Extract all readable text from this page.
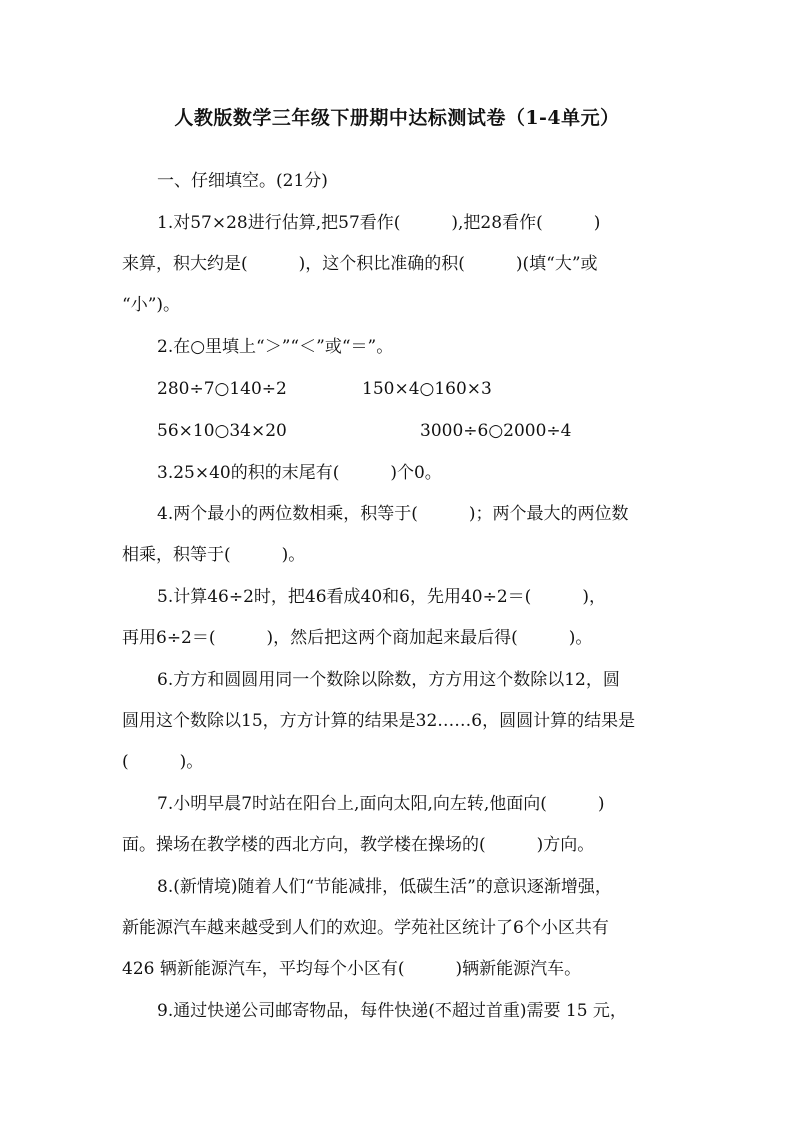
人教版数学三年级下册期中达标测试卷（1-4单元）
一、仔细填空。(21分)
1.对57×28进行估算,把57看作(　　　),把28看作(　　　)
来算，积大约是(　　　)，这个积比准确的积(　　　)(填“大”或
“小”)。
2.在○里填上“＞”“＜”或“＝”。
280÷7○140÷2	150×4○160×3
56×10○34×20	3000÷6○2000÷4
3.25×40的积的末尾有(　　　)个0。
4.两个最小的两位数相乘，积等于(　　　)；两个最大的两位数
相乘，积等于(　　　)。
5.计算46÷2时，把46看成40和6，先用40÷2＝(　　　)，
再用6÷2＝(　　　)，然后把这两个商加起来最后得(　　　)。
6.方方和圆圆用同一个数除以除数，方方用这个数除以12，圆
圆用这个数除以15，方方计算的结果是32……6，圆圆计算的结果是
(　　　)。
7.小明早晨7时站在阳台上,面向太阳,向左转,他面向(　　　)
面。操场在教学楼的西北方向，教学楼在操场的(　　　)方向。
8.(新情境)随着人们“节能减排，低碳生活”的意识逐渐增强，
新能源汽车越来越受到人们的欢迎。学苑社区统计了6个小区共有
426 辆新能源汽车，平均每个小区有(　　　)辆新能源汽车。
9.通过快递公司邮寄物品，每件快递(不超过首重)需要 15 元，
